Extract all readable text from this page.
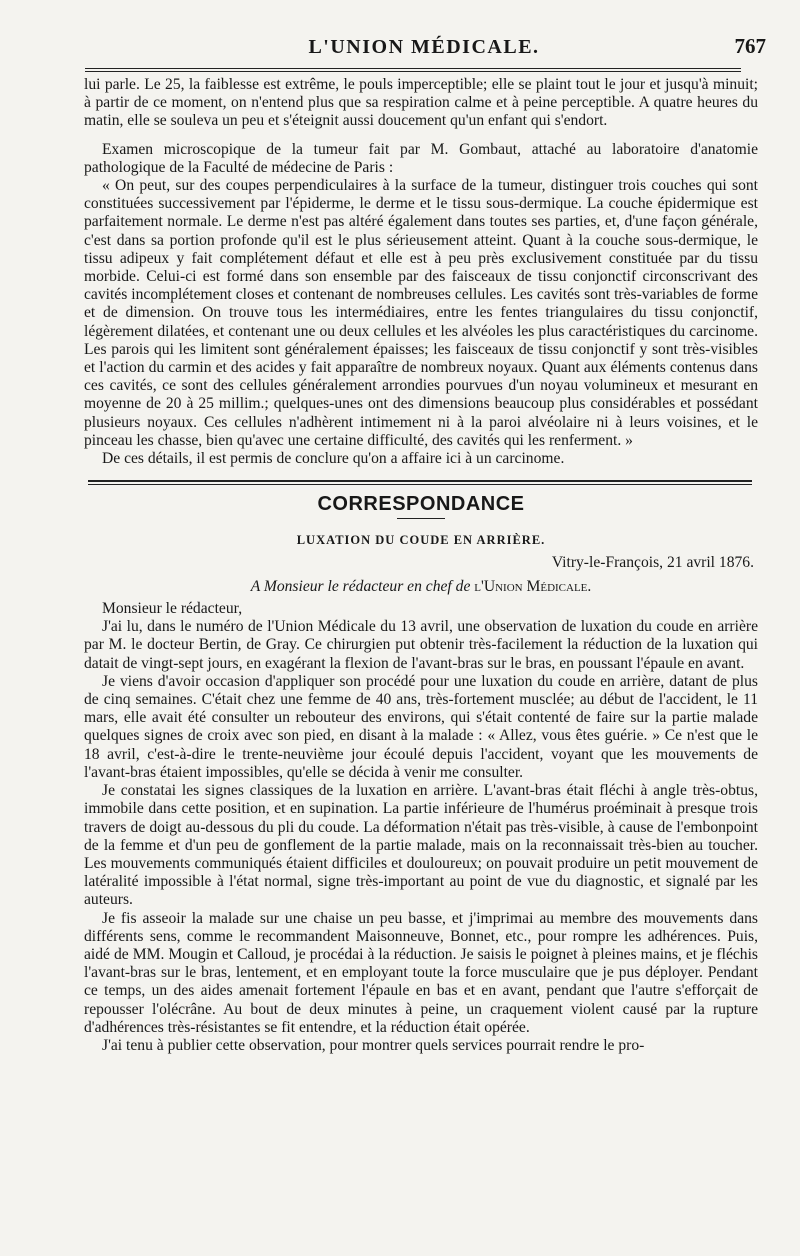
L'UNION MÉDICALE.	767

lui parle. Le 25, la faiblesse est extrême, le pouls imperceptible; elle se plaint tout le jour et jusqu'à minuit; à partir de ce moment, on n'entend plus que sa respiration calme et à peine perceptible. A quatre heures du matin, elle se souleva un peu et s'éteignit aussi doucement qu'un enfant qui s'endort.

Examen microscopique de la tumeur fait par M. Gombaut, attaché au laboratoire d'anatomie pathologique de la Faculté de médecine de Paris :

« On peut, sur des coupes perpendiculaires à la surface de la tumeur, distinguer trois couches qui sont constituées successivement par l'épiderme, le derme et le tissu sous-dermique. La couche épidermique est parfaitement normale. Le derme n'est pas altéré également dans toutes ses parties, et, d'une façon générale, c'est dans sa portion profonde qu'il est le plus sérieusement atteint. Quant à la couche sous-dermique, le tissu adipeux y fait complétement défaut et elle est à peu près exclusivement constituée par du tissu morbide. Celui-ci est formé dans son ensemble par des faisceaux de tissu conjonctif circonscrivant des cavités incomplétement closes et contenant de nombreuses cellules. Les cavités sont très-variables de forme et de dimension. On trouve tous les intermédiaires, entre les fentes triangulaires du tissu conjonctif, légèrement dilatées, et contenant une ou deux cellules et les alvéoles les plus caractéristiques du carcinome. Les parois qui les limitent sont généralement épaisses; les faisceaux de tissu conjonctif y sont très-visibles et l'action du carmin et des acides y fait apparaître de nombreux noyaux. Quant aux éléments contenus dans ces cavités, ce sont des cellules généralement arrondies pourvues d'un noyau volumineux et mesurant en moyenne de 20 à 25 millim.; quelques-unes ont des dimensions beaucoup plus considérables et possédant plusieurs noyaux. Ces cellules n'adhèrent intimement ni à la paroi alvéolaire ni à leurs voisines, et le pinceau les chasse, bien qu'avec une certaine difficulté, des cavités qui les renferment. »

De ces détails, il est permis de conclure qu'on a affaire ici à un carcinome.

CORRESPONDANCE
LUXATION DU COUDE EN ARRIÈRE.
Vitry-le-François, 21 avril 1876.
A Monsieur le rédacteur en chef de l'Union Médicale.
Monsieur le rédacteur,

J'ai lu, dans le numéro de l'Union Médicale du 13 avril, une observation de luxation du coude en arrière par M. le docteur Bertin, de Gray. Ce chirurgien put obtenir très-facilement la réduction de la luxation qui datait de vingt-sept jours, en exagérant la flexion de l'avant-bras sur le bras, en poussant l'épaule en avant.

Je viens d'avoir occasion d'appliquer son procédé pour une luxation du coude en arrière, datant de plus de cinq semaines. C'était chez une femme de 40 ans, très-fortement musclée; au début de l'accident, le 11 mars, elle avait été consulter un rebouteur des environs, qui s'était contenté de faire sur la partie malade quelques signes de croix avec son pied, en disant à la malade : « Allez, vous êtes guérie. » Ce n'est que le 18 avril, c'est-à-dire le trente-neuvième jour écoulé depuis l'accident, voyant que les mouvements de l'avant-bras étaient impossibles, qu'elle se décida à venir me consulter.

Je constatai les signes classiques de la luxation en arrière. L'avant-bras était fléchi à angle très-obtus, immobile dans cette position, et en supination. La partie inférieure de l'humérus proéminait à presque trois travers de doigt au-dessous du pli du coude. La déformation n'était pas très-visible, à cause de l'embonpoint de la femme et d'un peu de gonflement de la partie malade, mais on la reconnaissait très-bien au toucher. Les mouvements communiqués étaient difficiles et douloureux; on pouvait produire un petit mouvement de latéralité impossible à l'état normal, signe très-important au point de vue du diagnostic, et signalé par les auteurs.

Je fis asseoir la malade sur une chaise un peu basse, et j'imprimai au membre des mouvements dans différents sens, comme le recommandent Maisonneuve, Bonnet, etc., pour rompre les adhérences. Puis, aidé de MM. Mougin et Calloud, je procédai à la réduction. Je saisis le poignet à pleines mains, et je fléchis l'avant-bras sur le bras, lentement, et en employant toute la force musculaire que je pus déployer. Pendant ce temps, un des aides amenait fortement l'épaule en bas et en avant, pendant que l'autre s'efforçait de repousser l'olécrâne. Au bout de deux minutes à peine, un craquement violent causé par la rupture d'adhérences très-résistantes se fit entendre, et la réduction était opérée.

J'ai tenu à publier cette observation, pour montrer quels services pourrait rendre le pro-
